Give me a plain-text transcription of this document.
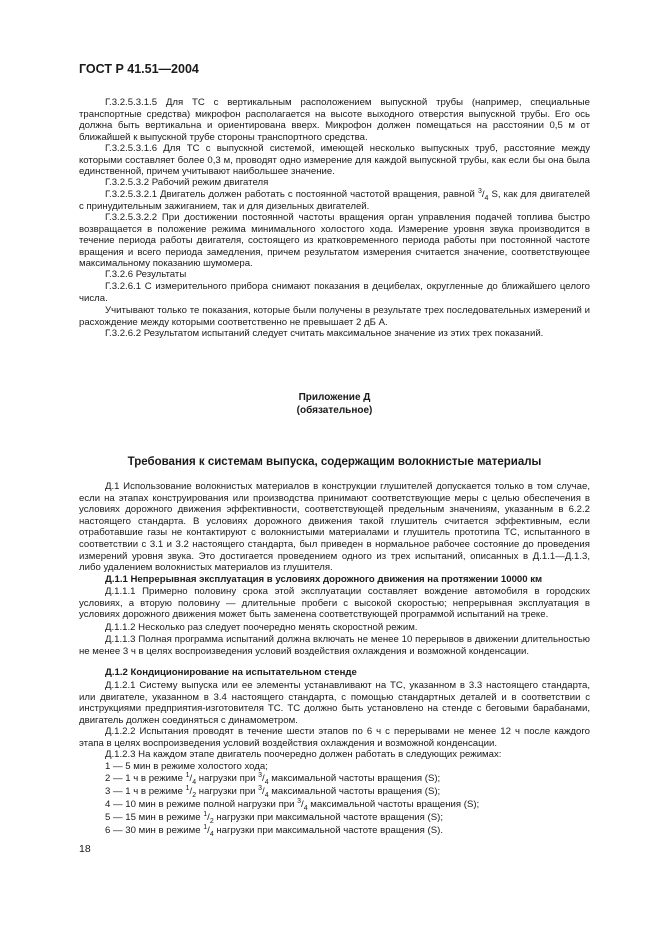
ГОСТ Р 41.51—2004

Г.3.2.5.3.1.5 Для ТС с вертикальным расположением выпускной трубы (например, специальные транспортные средства) микрофон располагается на высоте выходного отверстия выпускной трубы. Его ось должна быть вертикальна и ориентирована вверх. Микрофон должен помещаться на расстоянии 0,5 м от ближайшей к выпускной трубе стороны транспортного средства.

Г.3.2.5.3.1.6 Для ТС с выпускной системой, имеющей несколько выпускных труб, расстояние между которыми составляет более 0,3 м, проводят одно измерение для каждой выпускной трубы, как если бы она была единственной, причем учитывают наибольшее значение.

Г.3.2.5.3.2 Рабочий режим двигателя

Г.3.2.5.3.2.1 Двигатель должен работать с постоянной частотой вращения, равной $^3/_4$ S, как для двигателей с принудительным зажиганием, так и для дизельных двигателей.

Г.3.2.5.3.2.2 При достижении постоянной частоты вращения орган управления подачей топлива быстро возвращается в положение режима минимального холостого хода. Измерение уровня звука производится в течение периода работы двигателя, состоящего из кратковременного периода работы при постоянной частоте вращения и всего периода замедления, причем результатом измерения считается значение, соответствующее максимальному показанию шумомера.

Г.3.2.6 Результаты

Г.3.2.6.1 С измерительного прибора снимают показания в децибелах, округленные до ближайшего целого числа.

Учитывают только те показания, которые были получены в результате трех последовательных измерений и расхождение между которыми соответственно не превышает 2 дБ А.

Г.3.2.6.2 Результатом испытаний следует считать максимальное значение из этих трех показаний.

Приложение Д
(обязательное)
Требования к системам выпуска, содержащим волокнистые материалы

Д.1 Использование волокнистых материалов в конструкции глушителей допускается только в том случае, если на этапах конструирования или производства принимают соответствующие меры с целью обеспечения в условиях дорожного движения эффективности, соответствующей предельным значениям, указанным в 6.2.2 настоящего стандарта. В условиях дорожного движения такой глушитель считается эффективным, если отработавшие газы не контактируют с волокнистыми материалами и глушитель прототипа ТС, испытанного в соответствии с 3.1 и 3.2 настоящего стандарта, был приведен в нормальное рабочее состояние до проведения измерений уровня звука. Это достигается проведением одного из трех испытаний, описанных в Д.1.1—Д.1.3, либо удалением волокнистых материалов из глушителя.

Д.1.1 Непрерывная эксплуатация в условиях дорожного движения на протяжении 10000 км

Д.1.1.1 Примерно половину срока этой эксплуатации составляет вождение автомобиля в городских условиях, а вторую половину — длительные пробеги с высокой скоростью; непрерывная эксплуатация в условиях дорожного движения может быть заменена соответствующей программой испытаний на треке.

Д.1.1.2 Несколько раз следует поочередно менять скоростной режим.

Д.1.1.3 Полная программа испытаний должна включать не менее 10 перерывов в движении длительностью не менее 3 ч в целях воспроизведения условий воздействия охлаждения и возможной конденсации.

Д.1.2 Кондиционирование на испытательном стенде

Д.1.2.1 Систему выпуска или ее элементы устанавливают на ТС, указанном в 3.3 настоящего стандарта, или двигателе, указанном в 3.4 настоящего стандарта, с помощью стандартных деталей и в соответствии с инструкциями предприятия-изготовителя ТС. ТС должно быть установлено на стенде с беговыми барабанами, двигатель должен соединяться с динамометром.

Д.1.2.2 Испытания проводят в течение шести этапов по 6 ч с перерывами не менее 12 ч после каждого этапа в целях воспроизведения условий воздействия охлаждения и возможной конденсации.

Д.1.2.3 На каждом этапе двигатель поочередно должен работать в следующих режимах:

1 — 5 мин в режиме холостого хода;

2 — 1 ч в режиме $^1/_4$ нагрузки при $^3/_4$ максимальной частоты вращения (S);

3 — 1 ч в режиме $^1/_2$ нагрузки при $^3/_4$ максимальной частоты вращения (S);

4 — 10 мин в режиме полной нагрузки при $^3/_4$ максимальной частоты вращения (S);

5 — 15 мин в режиме $^1/_2$ нагрузки при максимальной частоте вращения (S);

6 — 30 мин в режиме $^1/_4$ нагрузки при максимальной частоте вращения (S).

18
